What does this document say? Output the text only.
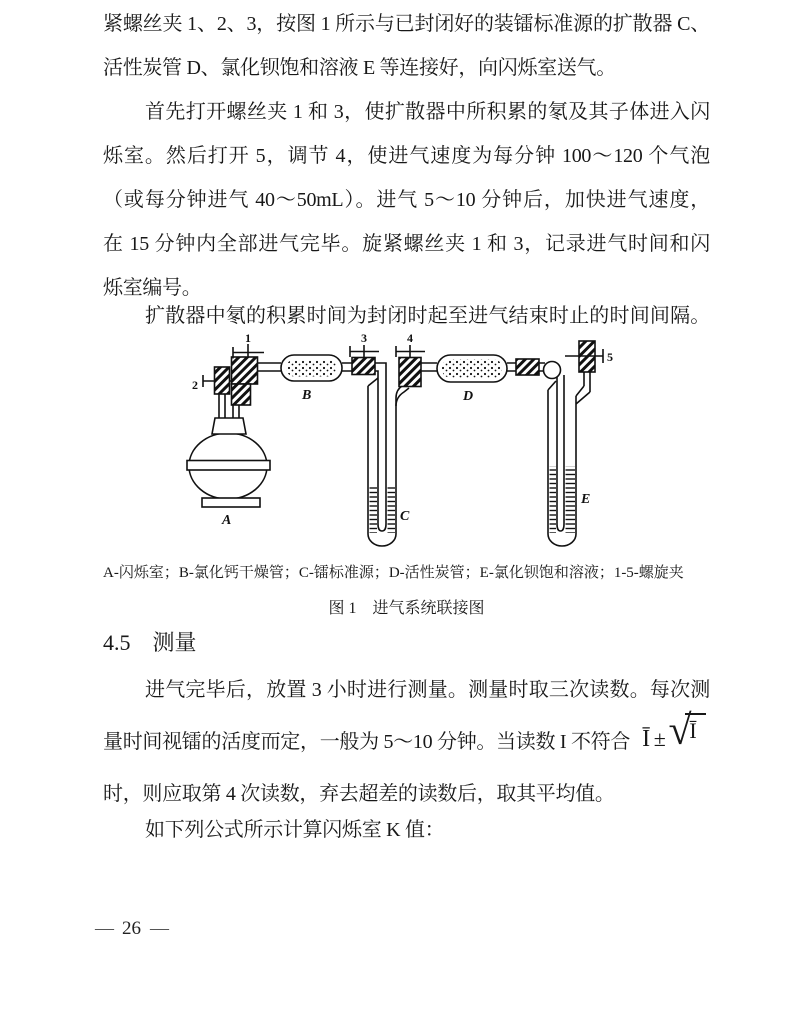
紧螺丝夹 1、2、3，按图 1 所示与已封闭好的装镭标准源的扩散器 C、
活性炭管 D、氯化钡饱和溶液 E 等连接好，向闪烁室送气。
首先打开螺丝夹 1 和 3，使扩散器中所积累的氡及其子体进入闪
烁室。然后打开 5，调节 4，使进气速度为每分钟 100～120 个气泡
（或每分钟进气 40～50mL）。进气 5～10 分钟后，加快进气速度，
在 15 分钟内全部进气完毕。旋紧螺丝夹 1 和 3，记录进气时间和闪
烁室编号。
扩散器中氡的积累时间为封闭时起至进气结束时止的时间间隔。
A
B
C
D
E
1
2
3	4
5
A-闪烁室；B-氯化钙干燥管；C-镭标准源；D-活性炭管；E-氯化钡饱和溶液；1-5-螺旋夹
图 1　进气系统联接图
4.5　测量
进气完毕后，放置 3 小时进行测量。测量时取三次读数。每次测
量时间视镭的活度而定，一般为 5～10 分钟。当读数 I 不符合 Ī ± √
Ī
时，则应取第 4 次读数，弃去超差的读数后，取其平均值。
如下列公式所示计算闪烁室 K 值：
— 26 —
